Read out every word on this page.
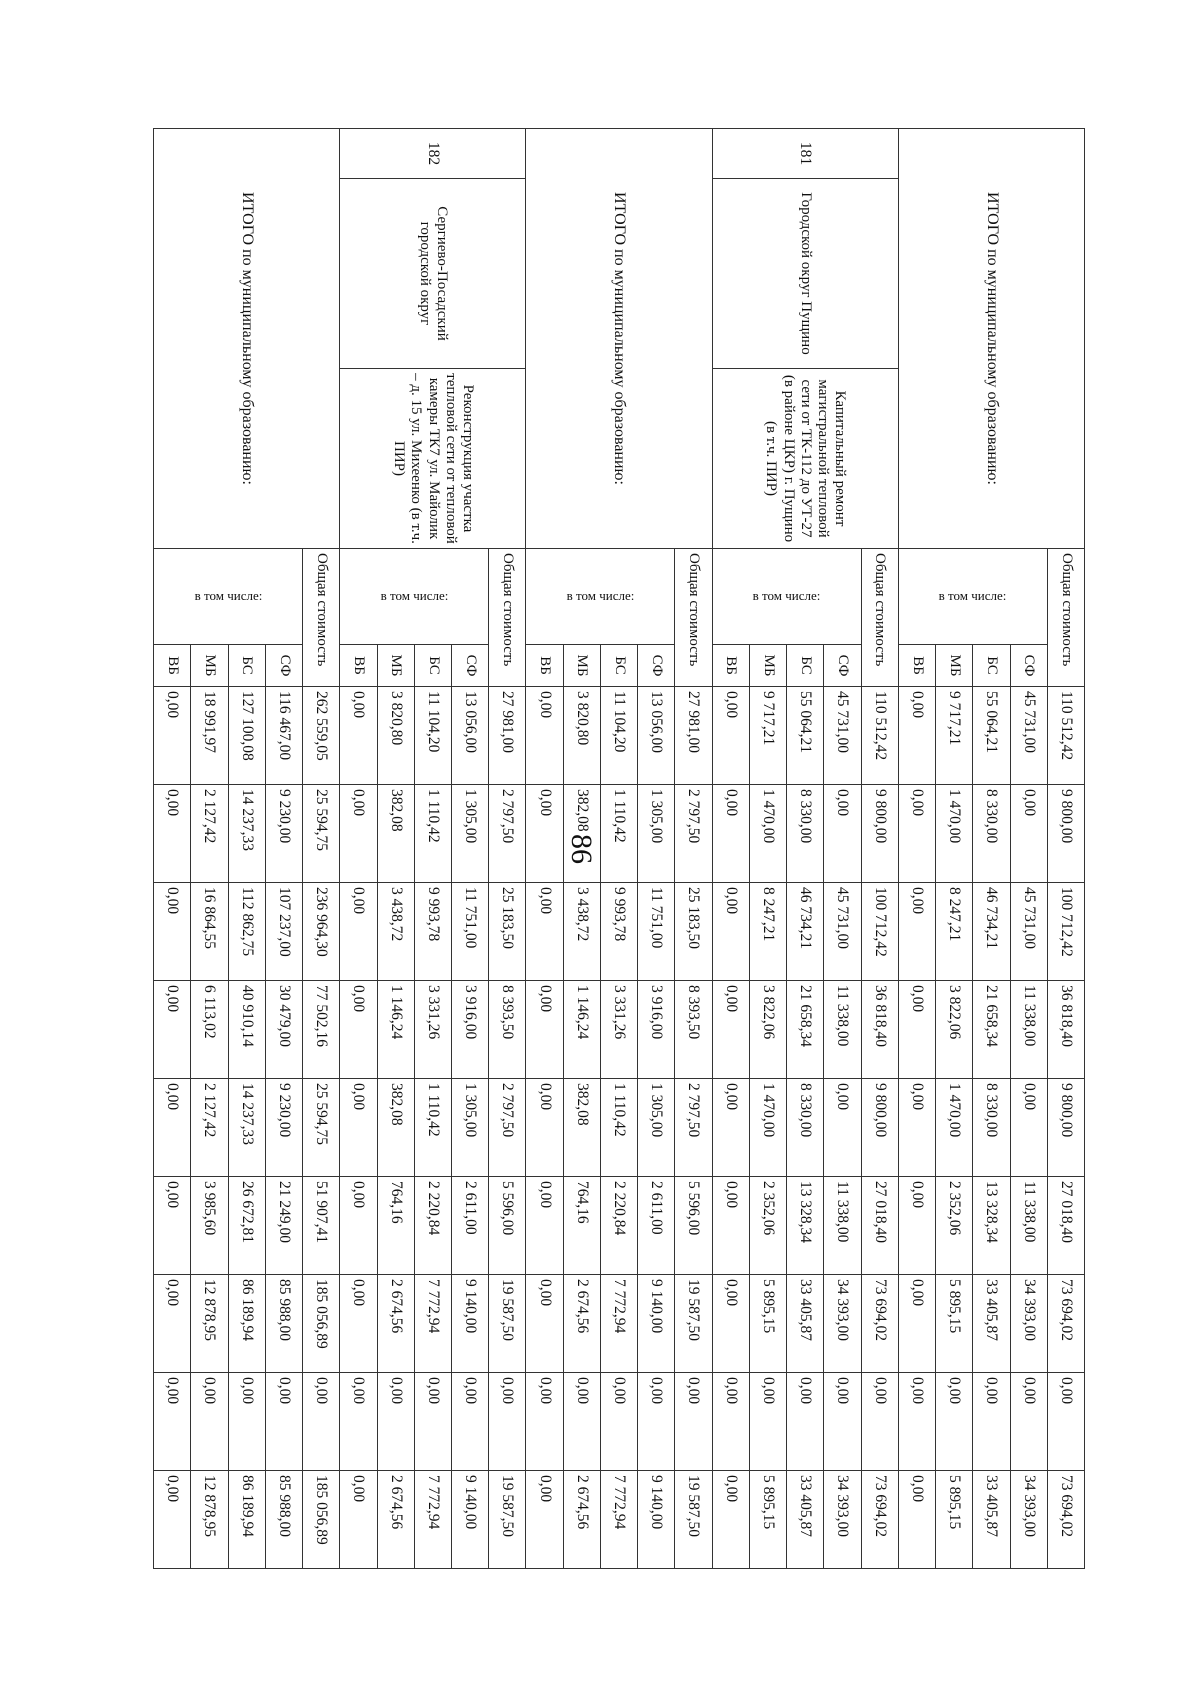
86
ИТОГО по муниципальному образованию:			Общая стоимость		110 512,42	9 800,00	100 712,42	36 818,40	9 800,00	27 018,40	73 694,02	0,00	73 694,02

			в том числе:	СФ	45 731,00	0,00	45 731,00	11 338,00	0,00	11 338,00	34 393,00	0,00	34 393,00
				БС	55 064,21	8 330,00	46 734,21	21 658,34	8 330,00	13 328,34	33 405,87	0,00	33 405,87
				МБ	9 717,21	1 470,00	8 247,21	3 822,06	1 470,00	2 352,06	5 895,15	0,00	5 895,15
				ВБ	0,00	0,00	0,00	0,00	0,00	0,00	0,00	0,00	0,00
181	Городской округ Пущино	Капитальный ремонт магистральной тепловой сети от ТК-112 до УТ-27 (в районе ЦКР) г. Пущино (в т.ч. ПИР)	Общая стоимость		110 512,42	9 800,00	100 712,42	36 818,40	9 800,00	27 018,40	73 694,02	0,00	73 694,02

			в том числе:	СФ	45 731,00	0,00	45 731,00	11 338,00	0,00	11 338,00	34 393,00	0,00	34 393,00
				БС	55 064,21	8 330,00	46 734,21	21 658,34	8 330,00	13 328,34	33 405,87	0,00	33 405,87
				МБ	9 717,21	1 470,00	8 247,21	3 822,06	1 470,00	2 352,06	5 895,15	0,00	5 895,15
				ВБ	0,00	0,00	0,00	0,00	0,00	0,00	0,00	0,00	0,00
ИТОГО по муниципальному образованию:			Общая стоимость		27 981,00	2 797,50	25 183,50	8 393,50	2 797,50	5 596,00	19 587,50	0,00	19 587,50

			в том числе:	СФ	13 056,00	1 305,00	11 751,00	3 916,00	1 305,00	2 611,00	9 140,00	0,00	9 140,00
				БС	11 104,20	1 110,42	9 993,78	3 331,26	1 110,42	2 220,84	7 772,94	0,00	7 772,94
				МБ	3 820,80	382,08	3 438,72	1 146,24	382,08	764,16	2 674,56	0,00	2 674,56
				ВБ	0,00	0,00	0,00	0,00	0,00	0,00	0,00	0,00	0,00
182	Сергиево-Посадский городской округ	Реконструкция участка тепловой сети от тепловой камеры ТК7 ул. Майолик – д. 15 ул. Михеенко (в т.ч. ПИР)	Общая стоимость		27 981,00	2 797,50	25 183,50	8 393,50	2 797,50	5 596,00	19 587,50	0,00	19 587,50

			в том числе:	СФ	13 056,00	1 305,00	11 751,00	3 916,00	1 305,00	2 611,00	9 140,00	0,00	9 140,00
				БС	11 104,20	1 110,42	9 993,78	3 331,26	1 110,42	2 220,84	7 772,94	0,00	7 772,94
				МБ	3 820,80	382,08	3 438,72	1 146,24	382,08	764,16	2 674,56	0,00	2 674,56
				ВБ	0,00	0,00	0,00	0,00	0,00	0,00	0,00	0,00	0,00
ИТОГО по муниципальному образованию:			Общая стоимость		262 559,05	25 594,75	236 964,30	77 502,16	25 594,75	51 907,41	185 056,89	0,00	185 056,89

			в том числе:	СФ	116 467,00	9 230,00	107 237,00	30 479,00	9 230,00	21 249,00	85 988,00	0,00	85 988,00
				БС	127 100,08	14 237,33	112 862,75	40 910,14	14 237,33	26 672,81	86 189,94	0,00	86 189,94
				МБ	18 991,97	2 127,42	16 864,55	6 113,02	2 127,42	3 985,60	12 878,95	0,00	12 878,95
				ВБ	0,00	0,00	0,00	0,00	0,00	0,00	0,00	0,00	0,00
